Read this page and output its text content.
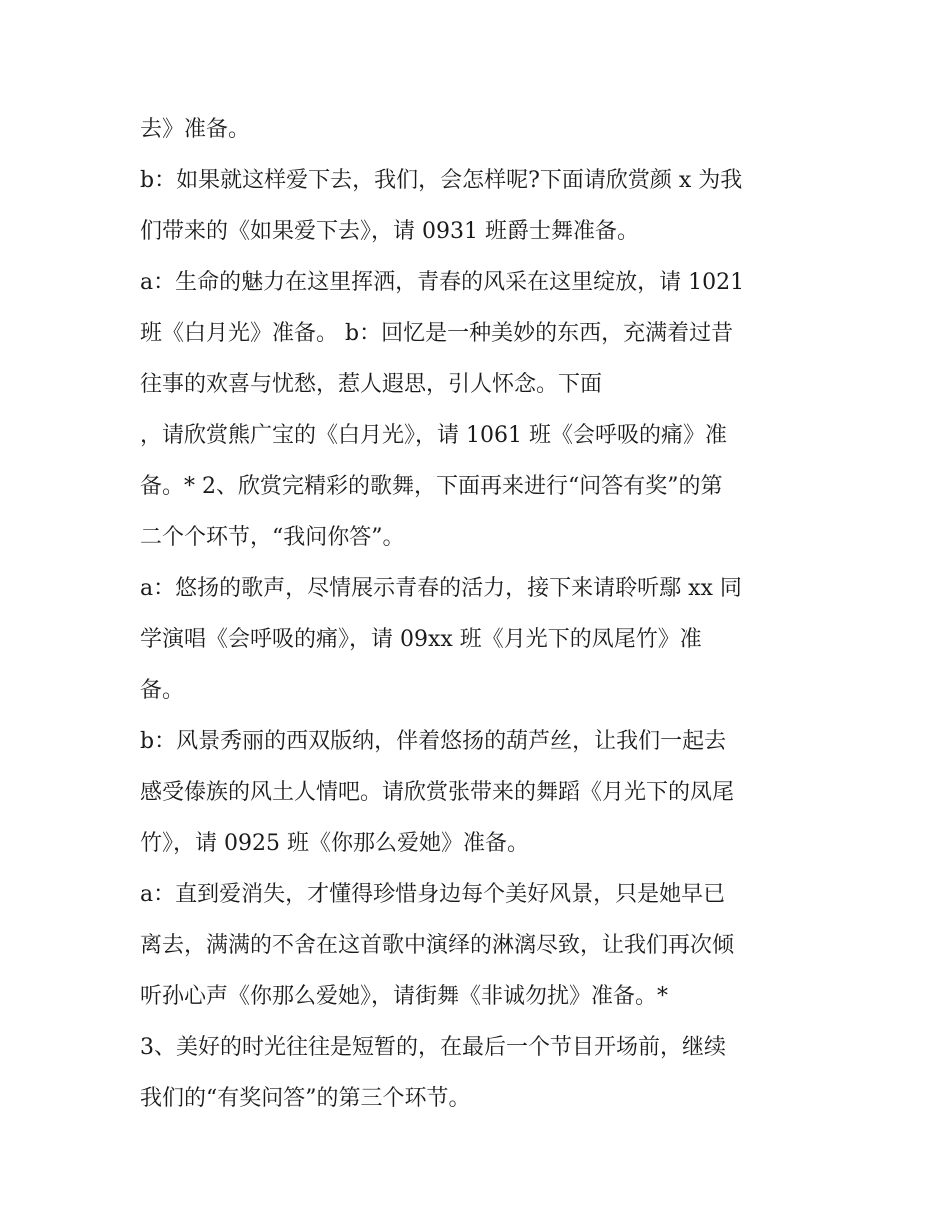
去》准备。
b：如果就这样爱下去，我们，会怎样呢?下面请欣赏颜 x 为我
们带来的《如果爱下去》，请 0931 班爵士舞准备。
a：生命的魅力在这里挥洒，青春的风采在这里绽放，请 1021
班《白月光》准备。 b：回忆是一种美妙的东西，充满着过昔
往事的欢喜与忧愁，惹人遐思，引人怀念。下面
，请欣赏熊广宝的《白月光》，请 1061 班《会呼吸的痛》准
备。* 2、欣赏完精彩的歌舞，下面再来进行“问答有奖”的第
二个个环节，“我问你答”。
a：悠扬的歌声，尽情展示青春的活力，接下来请聆听鄢 xx 同
学演唱《会呼吸的痛》，请 09xx 班《月光下的凤尾竹》准
备。
b：风景秀丽的西双版纳，伴着悠扬的葫芦丝，让我们一起去
感受傣族的风土人情吧。请欣赏张带来的舞蹈《月光下的凤尾
竹》，请 0925 班《你那么爱她》准备。
a：直到爱消失，才懂得珍惜身边每个美好风景，只是她早已
离去，满满的不舍在这首歌中演绎的淋漓尽致，让我们再次倾
听孙心声《你那么爱她》，请街舞《非诚勿扰》准备。*
3、美好的时光往往是短暂的，在最后一个节目开场前，继续
我们的“有奖问答”的第三个环节。
